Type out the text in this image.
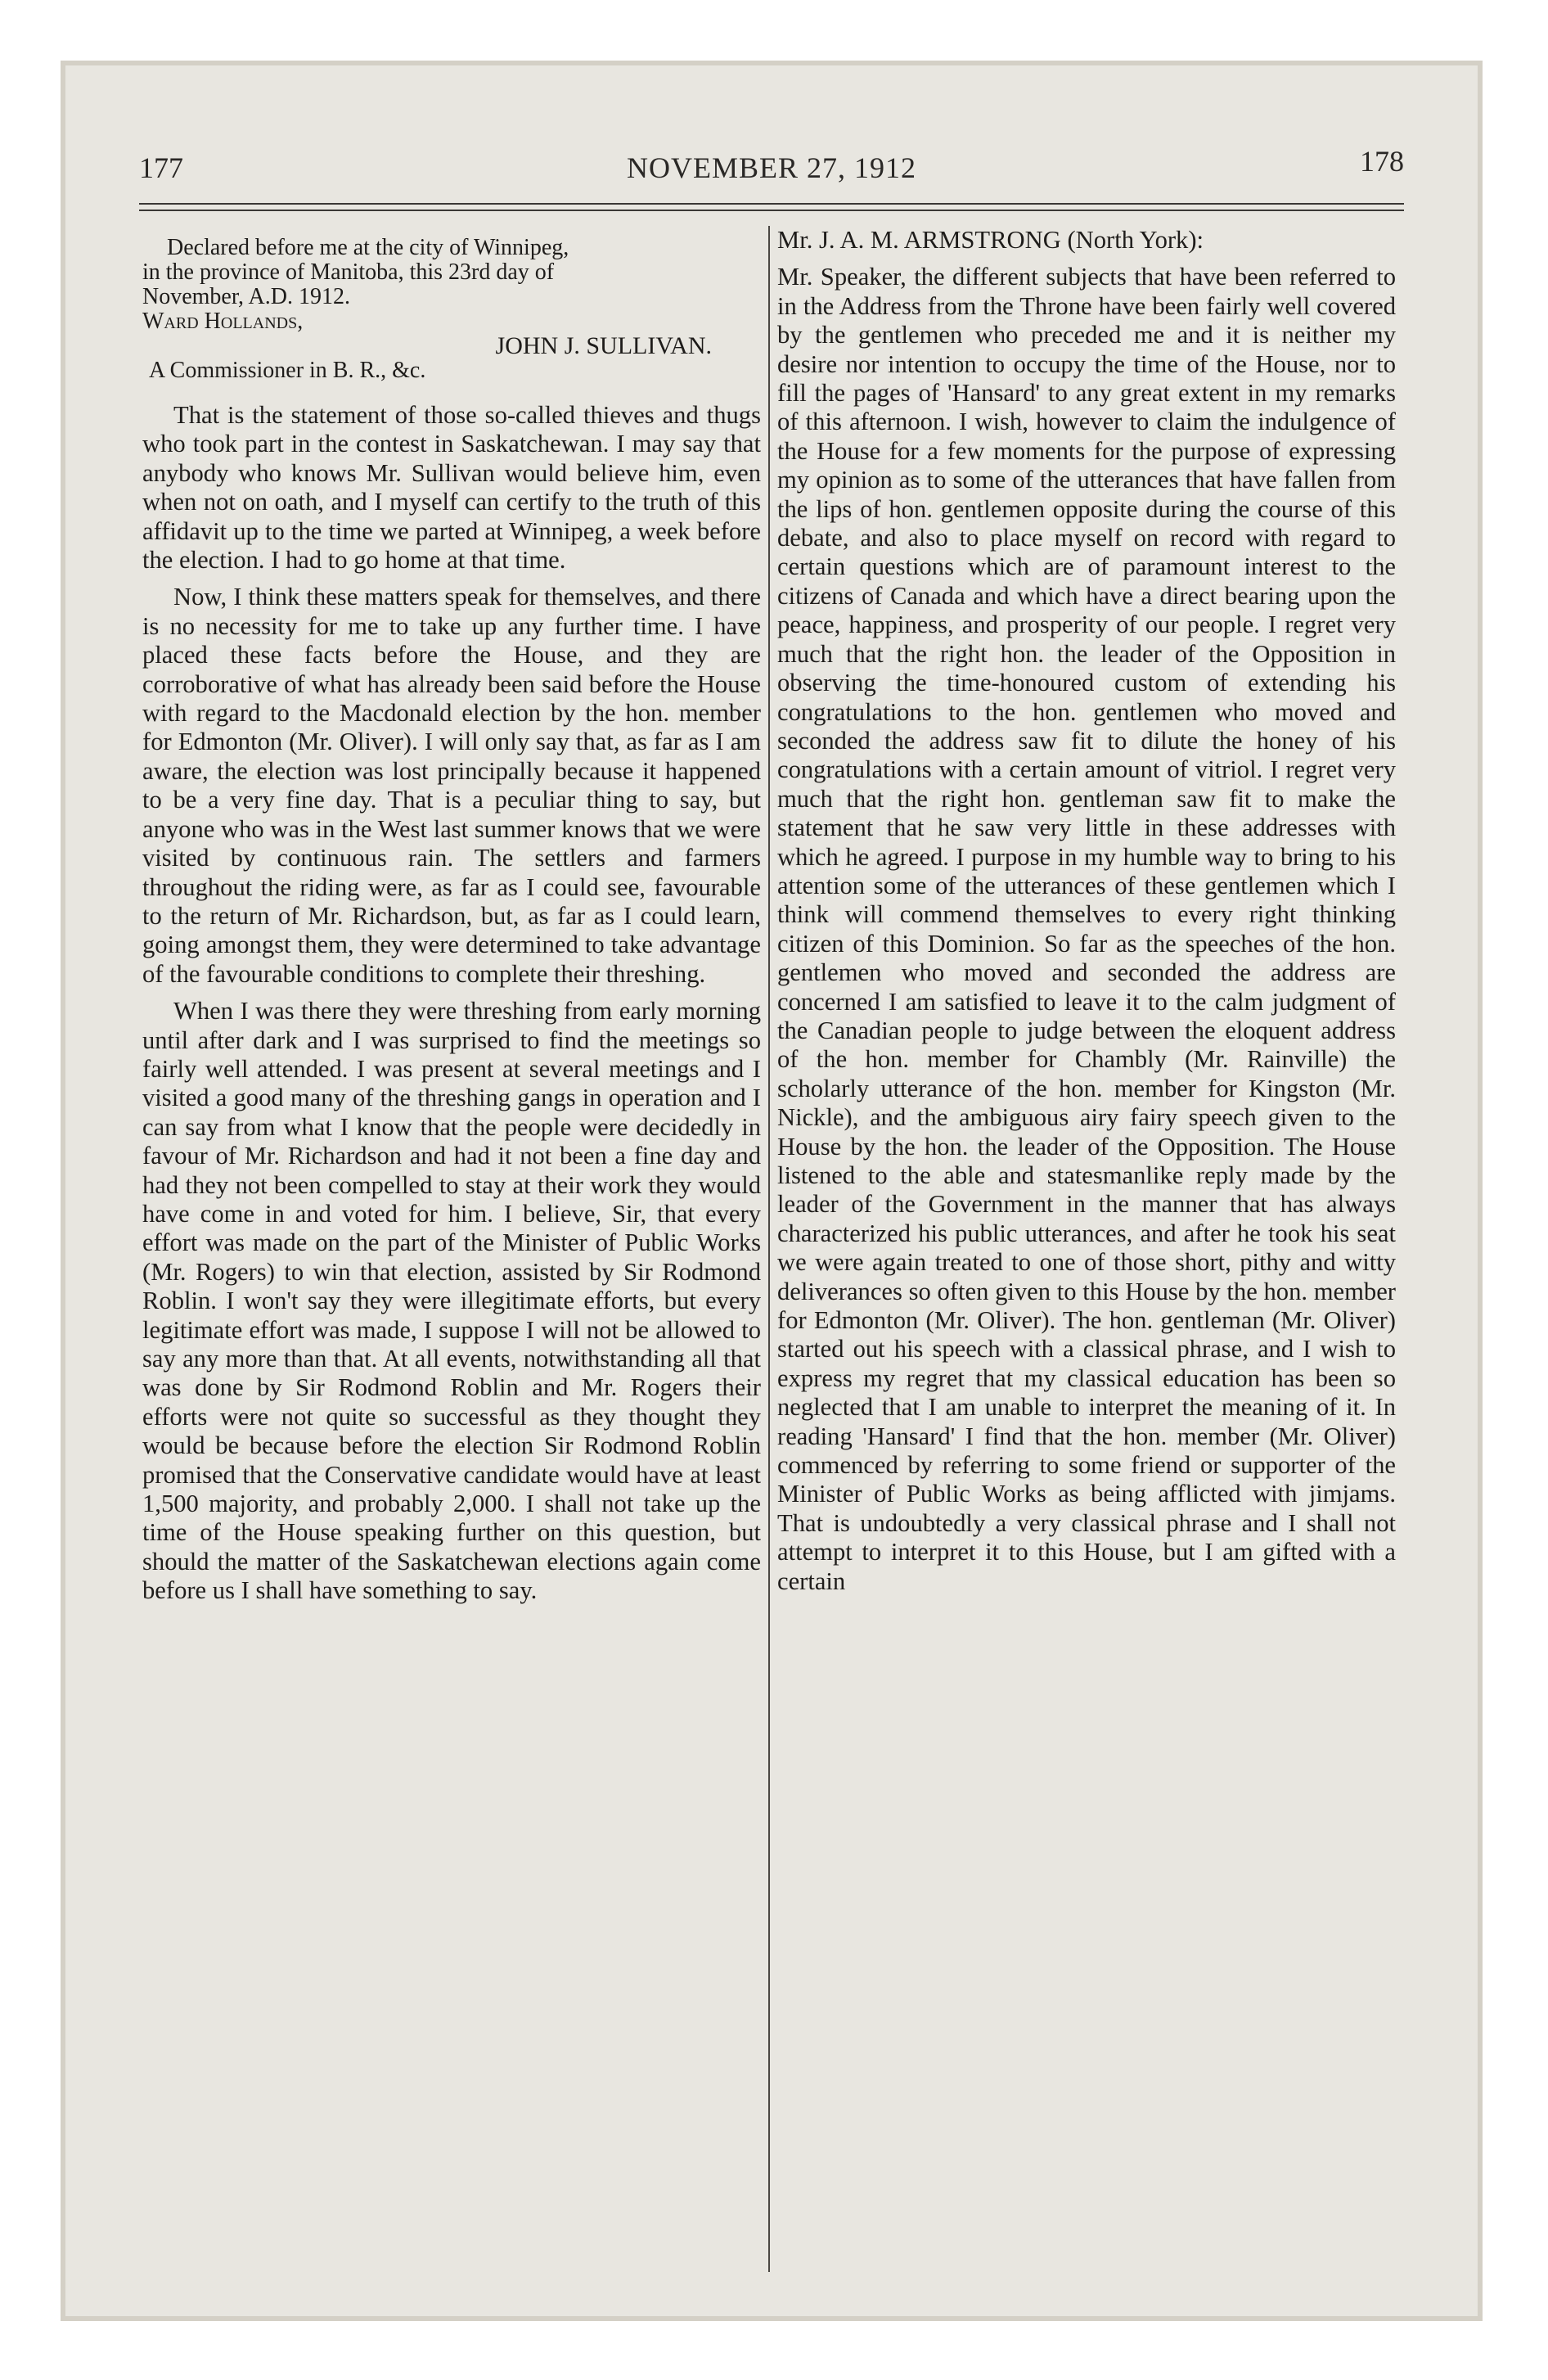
177	NOVEMBER 27, 1912	178
Declared before me at the city of Winnipeg,
in the province of Manitoba, this 23rd day of
November, A.D. 1912.
Ward Hollands,
JOHN J. SULLIVAN.
A Commissioner in B. R., &c.

That is the statement of those so-called thieves and thugs who took part in the contest in Saskatchewan. I may say that anybody who knows Mr. Sullivan would believe him, even when not on oath, and I myself can certify to the truth of this affidavit up to the time we parted at Winnipeg, a week before the election. I had to go home at that time.

Now, I think these matters speak for themselves, and there is no necessity for me to take up any further time. I have placed these facts before the House, and they are corroborative of what has already been said before the House with regard to the Macdonald election by the hon. member for Edmonton (Mr. Oliver). I will only say that, as far as I am aware, the election was lost principally because it happened to be a very fine day. That is a peculiar thing to say, but anyone who was in the West last summer knows that we were visited by continuous rain. The settlers and farmers throughout the riding were, as far as I could see, favourable to the return of Mr. Richardson, but, as far as I could learn, going amongst them, they were determined to take advantage of the favourable conditions to complete their threshing.

When I was there they were threshing from early morning until after dark and I was surprised to find the meetings so fairly well attended. I was present at several meetings and I visited a good many of the threshing gangs in operation and I can say from what I know that the people were decidedly in favour of Mr. Richardson and had it not been a fine day and had they not been compelled to stay at their work they would have come in and voted for him. I believe, Sir, that every effort was made on the part of the Minister of Public Works (Mr. Rogers) to win that election, assisted by Sir Rodmond Roblin. I won't say they were illegitimate efforts, but every legitimate effort was made, I suppose I will not be allowed to say any more than that. At all events, notwithstanding all that was done by Sir Rodmond Roblin and Mr. Rogers their efforts were not quite so successful as they thought they would be because before the election Sir Rodmond Roblin promised that the Conservative candidate would have at least 1,500 majority, and probably 2,000. I shall not take up the time of the House speaking further on this question, but should the matter of the Saskatchewan elections again come before us I shall have something to say.

Mr. J. A. M. ARMSTRONG (North York):

Mr. Speaker, the different subjects that have been referred to in the Address from the Throne have been fairly well covered by the gentlemen who preceded me and it is neither my desire nor intention to occupy the time of the House, nor to fill the pages of 'Hansard' to any great extent in my remarks of this afternoon. I wish, however to claim the indulgence of the House for a few moments for the purpose of expressing my opinion as to some of the utterances that have fallen from the lips of hon. gentlemen opposite during the course of this debate, and also to place myself on record with regard to certain questions which are of paramount interest to the citizens of Canada and which have a direct bearing upon the peace, happiness, and prosperity of our people. I regret very much that the right hon. the leader of the Opposition in observing the time-honoured custom of extending his congratulations to the hon. gentlemen who moved and seconded the address saw fit to dilute the honey of his congratulations with a certain amount of vitriol. I regret very much that the right hon. gentleman saw fit to make the statement that he saw very little in these addresses with which he agreed. I purpose in my humble way to bring to his attention some of the utterances of these gentlemen which I think will commend themselves to every right thinking citizen of this Dominion. So far as the speeches of the hon. gentlemen who moved and seconded the address are concerned I am satisfied to leave it to the calm judgment of the Canadian people to judge between the eloquent address of the hon. member for Chambly (Mr. Rainville) the scholarly utterance of the hon. member for Kingston (Mr. Nickle), and the ambiguous airy fairy speech given to the House by the hon. the leader of the Opposition. The House listened to the able and statesmanlike reply made by the leader of the Government in the manner that has always characterized his public utterances, and after he took his seat we were again treated to one of those short, pithy and witty deliverances so often given to this House by the hon. member for Edmonton (Mr. Oliver). The hon. gentleman (Mr. Oliver) started out his speech with a classical phrase, and I wish to express my regret that my classical education has been so neglected that I am unable to interpret the meaning of it. In reading 'Hansard' I find that the hon. member (Mr. Oliver) commenced by referring to some friend or supporter of the Minister of Public Works as being afflicted with jimjams. That is undoubtedly a very classical phrase and I shall not attempt to interpret it to this House, but I am gifted with a certain
